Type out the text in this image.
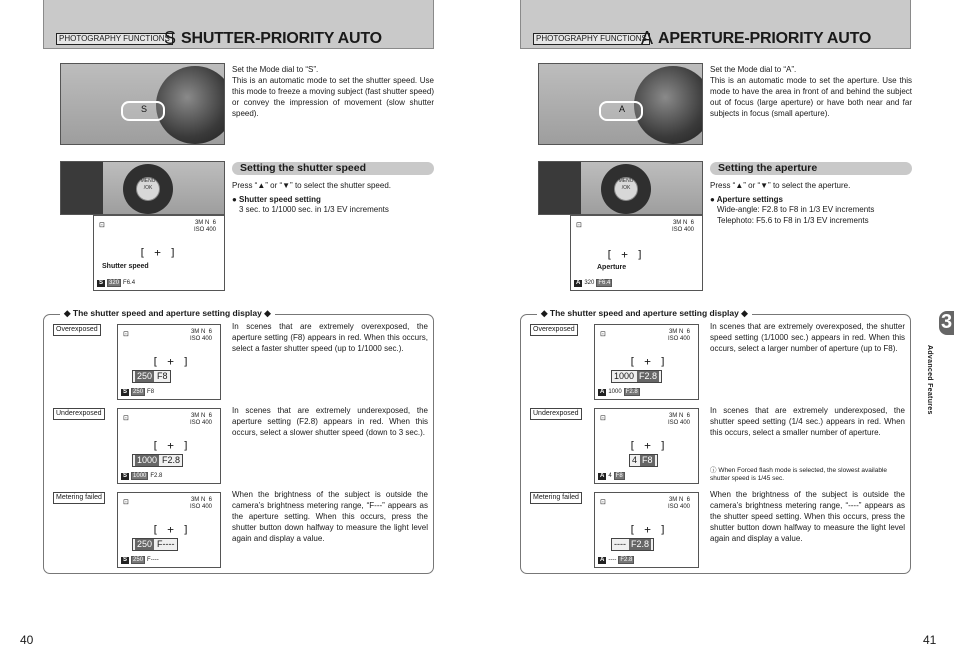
PHOTOGRAPHY FUNCTIONS
S SHUTTER-PRIORITY AUTO
S
Set the Mode dial to “S”.
This is an automatic mode to set the shutter speed. Use this mode to freeze a moving subject (fast shutter speed) or convey the impression of movement (slow shutter speed).
MENU
/OK
⊡	3M N 6
ISO 400
[ + ]
Shutter speed
S	320 F6.4
Setting the shutter speed
Press “▲” or “▼” to select the shutter speed.
● Shutter speed setting
3 sec. to 1/1000 sec. in 1/3 EV increments
◆ The shutter speed and aperture setting display ◆
Overexposed
⊡	3M N 6
ISO 400
[ + ]
250 F8
S	250 F8
In scenes that are extremely overexposed, the aperture setting (F8) appears in red. When this occurs, select a faster shutter speed (up to 1/1000 sec.).
Underexposed
⊡	3M N 6
ISO 400
[ + ]
1000 F2.8
S	1000 F2.8
In scenes that are extremely underexposed, the aperture setting (F2.8) appears in red. When this occurs, select a slower shutter speed (down to 3 sec.).
Metering failed
⊡	3M N 6
ISO 400
[ + ]
250 F----
S	250 F----
When the brightness of the subject is outside the camera’s brightness metering range, “F---” appears as the aperture setting. When this occurs, press the shutter button down halfway to measure the light level again and display a value.
40
PHOTOGRAPHY FUNCTIONS
A APERTURE-PRIORITY AUTO
A
Set the Mode dial to “A”.
This is an automatic mode to set the aperture. Use this mode to have the area in front of and behind the subject out of focus (large aperture) or have both near and far subjects in focus (small aperture).
MENU
/OK
⊡	3M N 6
ISO 400
[ + ]
Aperture
A 320 F6.4
Setting the aperture
Press “▲” or “▼” to select the aperture.
● Aperture settings
Wide-angle: F2.8 to F8 in 1/3 EV increments
Telephoto: F5.6 to F8 in 1/3 EV increments
◆ The shutter speed and aperture setting display ◆
Overexposed
⊡	3M N 6
ISO 400
[ + ]
1000 F2.8
A 1000 F2.8
In scenes that are extremely overexposed, the shutter speed setting (1/1000 sec.) appears in red. When this occurs, select a larger number of aperture (up to F8).
Underexposed
⊡	3M N 6
ISO 400
[ + ]
4 F8
A 4 F8
In scenes that are extremely underexposed, the shutter speed setting (1/4 sec.) appears in red. When this occurs, select a smaller number of aperture.
ⓘ When Forced flash mode is selected, the slowest available shutter speed is 1/45 sec.
Metering failed
⊡	3M N 6
ISO 400
[ + ]
---- F2.8
A ---- F2.8
When the brightness of the subject is outside the camera’s brightness metering range, “----” appears as the shutter speed setting. When this occurs, press the shutter button down halfway to measure the light level again and display a value.
41
3
Advanced Features
